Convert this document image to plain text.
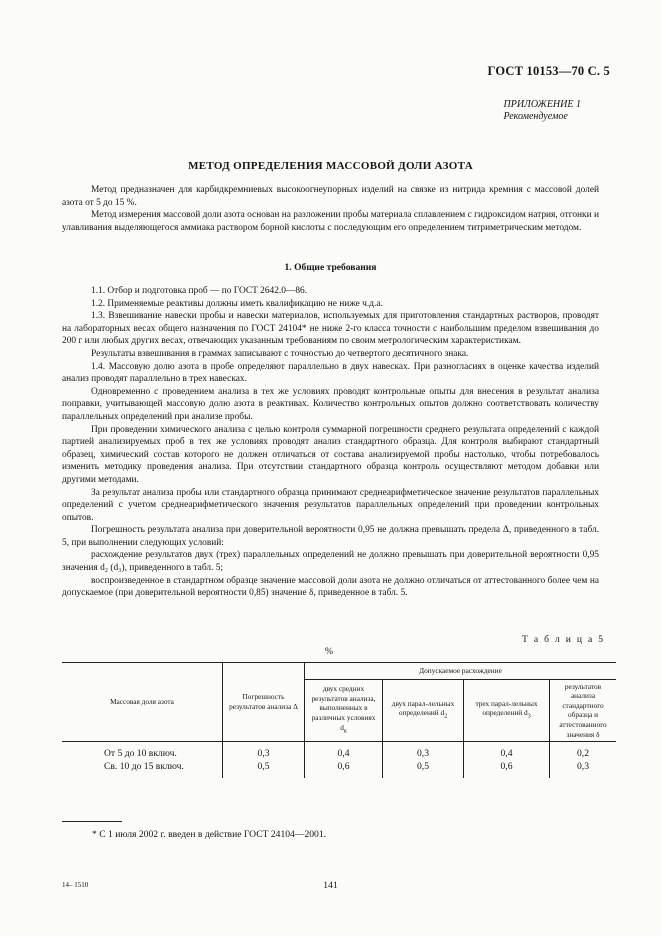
ГОСТ 10153—70 С. 5
ПРИЛОЖЕНИЕ 1
Рекомендуемое
МЕТОД ОПРЕДЕЛЕНИЯ МАССОВОЙ ДОЛИ АЗОТА

Метод предназначен для карбидкремниевых высокоогнеупорных изделий на связке из нитрида кремния с массовой долей азота от 5 до 15 %.

Метод измерения массовой доли азота основан на разложении пробы материала сплавлением с гидроксидом натрия, отгонки и улавливания выделяющегося аммиака раствором борной кислоты с последующим его определением титриметрическим методом.

1. Общие требования

1.1. Отбор и подготовка проб — по ГОСТ 2642.0—86.

1.2. Применяемые реактивы должны иметь квалификацию не ниже ч.д.а.

1.3. Взвешивание навески пробы и навески материалов, используемых для приготовления стандартных растворов, проводят на лабораторных весах общего назначения по ГОСТ 24104* не ниже 2-го класса точности с наибольшим пределом взвешивания до 200 г или любых других весах, отвечающих указанным требованиям по своим метрологическим характеристикам.

Результаты взвешивания в граммах записывают с точностью до четвертого десятичного знака.

1.4. Массовую долю азота в пробе определяют параллельно в двух навесках. При разногласиях в оценке качества изделий анализ проводят параллельно в трех навесках.

Одновременно с проведением анализа в тех же условиях проводят контрольные опыты для внесения в результат анализа поправки, учитывающей массовую долю азота в реактивах. Количество контрольных опытов должно соответствовать количеству параллельных определений при анализе пробы.

При проведении химического анализа с целью контроля суммарной погрешности среднего результата определений с каждой партией анализируемых проб в тех же условиях проводят анализ стандартного образца. Для контроля выбирают стандартный образец, химический состав которого не должен отличаться от состава анализируемой пробы настолько, чтобы потребовалось изменить методику проведения анализа. При отсутствии стандартного образца контроль осуществляют методом добавки или другими методами.

За результат анализа пробы или стандартного образца принимают среднеарифметическое значение результатов параллельных определений с учетом среднеарифметического значения результатов параллельных определений при проведении контрольных опытов.

Погрешность результата анализа при доверительной вероятности 0,95 не должна превышать предела Δ, приведенного в табл. 5, при выполнении следующих условий:

расхождение результатов двух (трех) параллельных определений не должно превышать при доверительной вероятности 0,95 значения d₂ (d₃), приведенного в табл. 5;

воспроизведенное в стандартном образце значение массовой доли азота не должно отличаться от аттестованного более чем на допускаемое (при доверительной вероятности 0,85) значение δ, приведенное в табл. 5.

Т а б л и ц а 5
%
Массовая доля азота	Погрешность результатов анализа Δ	Допускаемое расхождение			
		двух средних результатов анализа, выполненных в различных условиях $d_к$	двух парал-лельных определений $d_2$	трех парал-лельных определений $d_3$	результатов анализа стандартного образца и аттестованного значения δ
От 5 до 10 включ.	0,3	0,4	0,3	0,4	0,2
Св. 10 до 15 включ.	0,5	0,6	0,5	0,6	0,3
* С 1 июля 2002 г. введен в действие ГОСТ 24104—2001.
14– 1510	141
